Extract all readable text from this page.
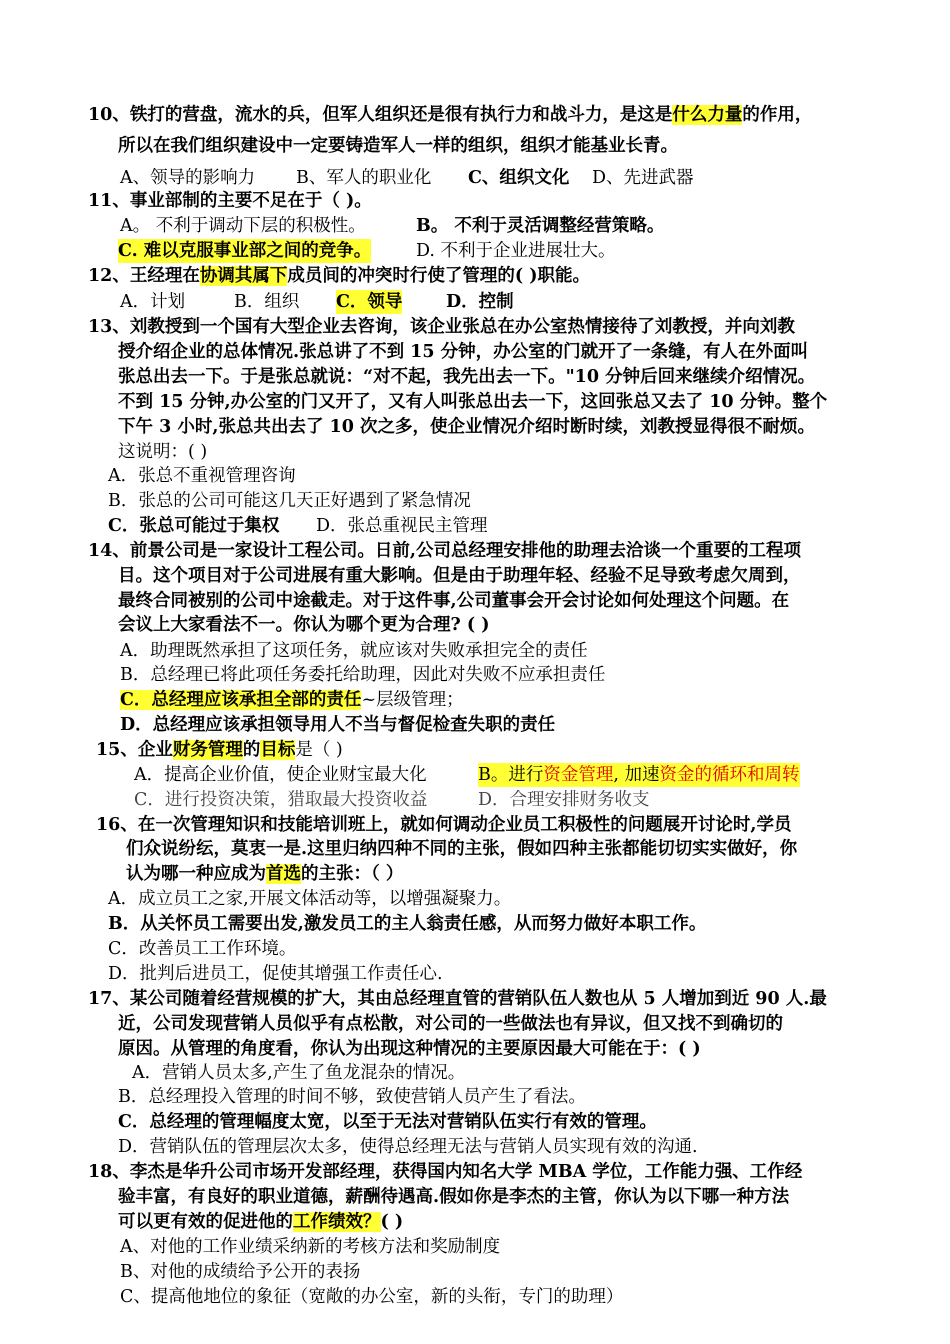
10、铁打的营盘，流水的兵，但军人组织还是很有执行力和战斗力，是这是什么力量的作用，
所以在我们组织建设中一定要铸造军人一样的组织，组织才能基业长青。
A、领导的影响力 B、军人的职业化 C、组织文化 D、先进武器
11、事业部制的主要不足在于（ )。
A。 不利于调动下层的积极性。	B。 不利于灵活调整经营策略。
C. 难以克服事业部之间的竞争。	D. 不利于企业进展壮大。
12、王经理在协调其属下成员间的冲突时行使了管理的( )职能。
A．计划	B．组织 C．领导 D．控制
13、刘教授到一个国有大型企业去咨询，该企业张总在办公室热情接待了刘教授，并向刘教
授介绍企业的总体情况.张总讲了不到 15 分钟，办公室的门就开了一条缝，有人在外面叫
张总出去一下。于是张总就说：“对不起，我先出去一下。"10 分钟后回来继续介绍情况。
不到 15 分钟,办公室的门又开了，又有人叫张总出去一下，这回张总又去了 10 分钟。整个
下午 3 小时,张总共出去了 10 次之多，使企业情况介绍时断时续，刘教授显得很不耐烦。
这说明：( )
A．张总不重视管理咨询
B．张总的公司可能这几天正好遇到了紧急情况
C．张总可能过于集权 D．张总重视民主管理
14、前景公司是一家设计工程公司。日前,公司总经理安排他的助理去洽谈一个重要的工程项
目。这个项目对于公司进展有重大影响。但是由于助理年轻、经验不足导致考虑欠周到，
最终合同被别的公司中途截走。对于这件事,公司董事会开会讨论如何处理这个问题。在
会议上大家看法不一。你认为哪个更为合理? ( )
A．助理既然承担了这项任务，就应该对失败承担完全的责任
B．总经理已将此项任务委托给助理，因此对失败不应承担责任
C．总经理应该承担全部的责任~层级管理；
D．总经理应该承担领导用人不当与督促检查失职的责任
15、企业财务管理的目标是（ )
A．提高企业价值，使企业财宝最大化	B。进行资金管理, 加速资金的循环和周转
C．进行投资决策，猎取最大投资收益	D．合理安排财务收支
16、在一次管理知识和技能培训班上，就如何调动企业员工积极性的问题展开讨论时,学员
们众说纷纭，莫衷一是.这里归纳四种不同的主张，假如四种主张都能切切实实做好，你
认为哪一种应成为首选的主张：（ ）
A．成立员工之家,开展文体活动等，以增强凝聚力。
B．从关怀员工需要出发,激发员工的主人翁责任感，从而努力做好本职工作。
C．改善员工工作环境。
D．批判后进员工，促使其增强工作责任心.
17、某公司随着经营规模的扩大，其由总经理直管的营销队伍人数也从 5 人增加到近 90 人.最
近，公司发现营销人员似乎有点松散，对公司的一些做法也有异议，但又找不到确切的
原因。从管理的角度看，你认为出现这种情况的主要原因最大可能在于：( )
A．营销人员太多,产生了鱼龙混杂的情况。
B．总经理投入管理的时间不够，致使营销人员产生了看法。
C．总经理的管理幅度太宽，以至于无法对营销队伍实行有效的管理。
D．营销队伍的管理层次太多，使得总经理无法与营销人员实现有效的沟通.
18、李杰是华升公司市场开发部经理，获得国内知名大学 MBA 学位，工作能力强、工作经
验丰富，有良好的职业道德，薪酬待遇高.假如你是李杰的主管，你认为以下哪一种方法
可以更有效的促进他的工作绩效？( )
A、对他的工作业绩采纳新的考核方法和奖励制度
B、对他的成绩给予公开的表扬
C、提高他地位的象征（宽敞的办公室，新的头衔，专门的助理）
